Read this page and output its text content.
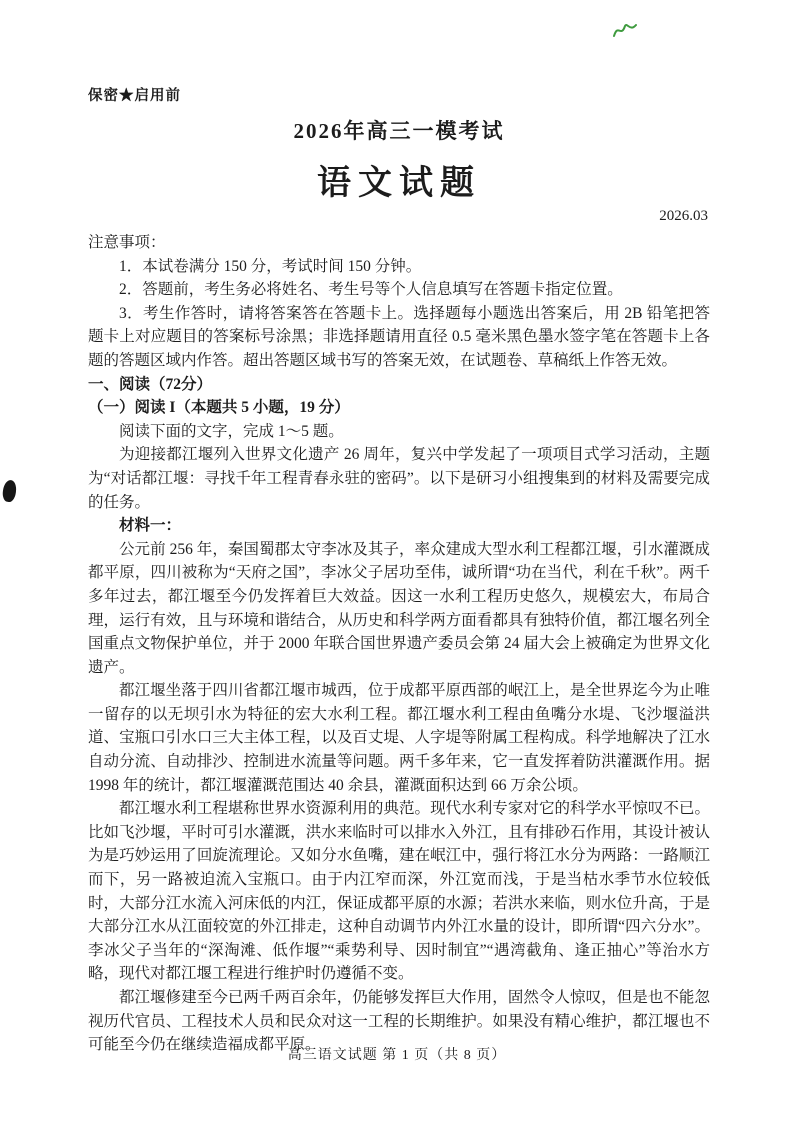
保密★启用前
2026年高三一模考试
语文试题
2026.03

注意事项：

1．本试卷满分 150 分，考试时间 150 分钟。

2．答题前，考生务必将姓名、考生号等个人信息填写在答题卡指定位置。

3．考生作答时，请将答案答在答题卡上。选择题每小题选出答案后，用 2B 铅笔把答题卡上对应题目的答案标号涂黑；非选择题请用直径 0.5 毫米黑色墨水签字笔在答题卡上各题的答题区域内作答。超出答题区域书写的答案无效，在试题卷、草稿纸上作答无效。

一、阅读（72分）

（一）阅读 I（本题共 5 小题，19 分）

阅读下面的文字，完成 1～5 题。

为迎接都江堰列入世界文化遗产 26 周年，复兴中学发起了一项项目式学习活动，主题为“对话都江堰：寻找千年工程青春永驻的密码”。以下是研习小组搜集到的材料及需要完成的任务。

材料一：

公元前 256 年，秦国蜀郡太守李冰及其子，率众建成大型水利工程都江堰，引水灌溉成都平原，四川被称为“天府之国”，李冰父子居功至伟，诚所谓“功在当代，利在千秋”。两千多年过去，都江堰至今仍发挥着巨大效益。因这一水利工程历史悠久，规模宏大，布局合理，运行有效，且与环境和谐结合，从历史和科学两方面看都具有独特价值，都江堰名列全国重点文物保护单位，并于 2000 年联合国世界遗产委员会第 24 届大会上被确定为世界文化遗产。

都江堰坐落于四川省都江堰市城西，位于成都平原西部的岷江上，是全世界迄今为止唯一留存的以无坝引水为特征的宏大水利工程。都江堰水利工程由鱼嘴分水堤、飞沙堰溢洪道、宝瓶口引水口三大主体工程，以及百丈堤、人字堤等附属工程构成。科学地解决了江水自动分流、自动排沙、控制进水流量等问题。两千多年来，它一直发挥着防洪灌溉作用。据 1998 年的统计，都江堰灌溉范围达 40 余县，灌溉面积达到 66 万余公顷。

都江堰水利工程堪称世界水资源利用的典范。现代水利专家对它的科学水平惊叹不已。比如飞沙堰，平时可引水灌溉，洪水来临时可以排水入外江，且有排砂石作用，其设计被认为是巧妙运用了回旋流理论。又如分水鱼嘴，建在岷江中，强行将江水分为两路：一路顺江而下，另一路被迫流入宝瓶口。由于内江窄而深，外江宽而浅，于是当枯水季节水位较低时，大部分江水流入河床低的内江，保证成都平原的水源；若洪水来临，则水位升高，于是大部分江水从江面较宽的外江排走，这种自动调节内外江水量的设计，即所谓“四六分水”。李冰父子当年的“深淘滩、低作堰”“乘势利导、因时制宜”“遇湾截角、逢正抽心”等治水方略，现代对都江堰工程进行维护时仍遵循不变。

都江堰修建至今已两千两百余年，仍能够发挥巨大作用，固然令人惊叹，但是也不能忽视历代官员、工程技术人员和民众对这一工程的长期维护。如果没有精心维护，都江堰也不可能至今仍在继续造福成都平原。

高三语文试题 第 1 页（共 8 页）
